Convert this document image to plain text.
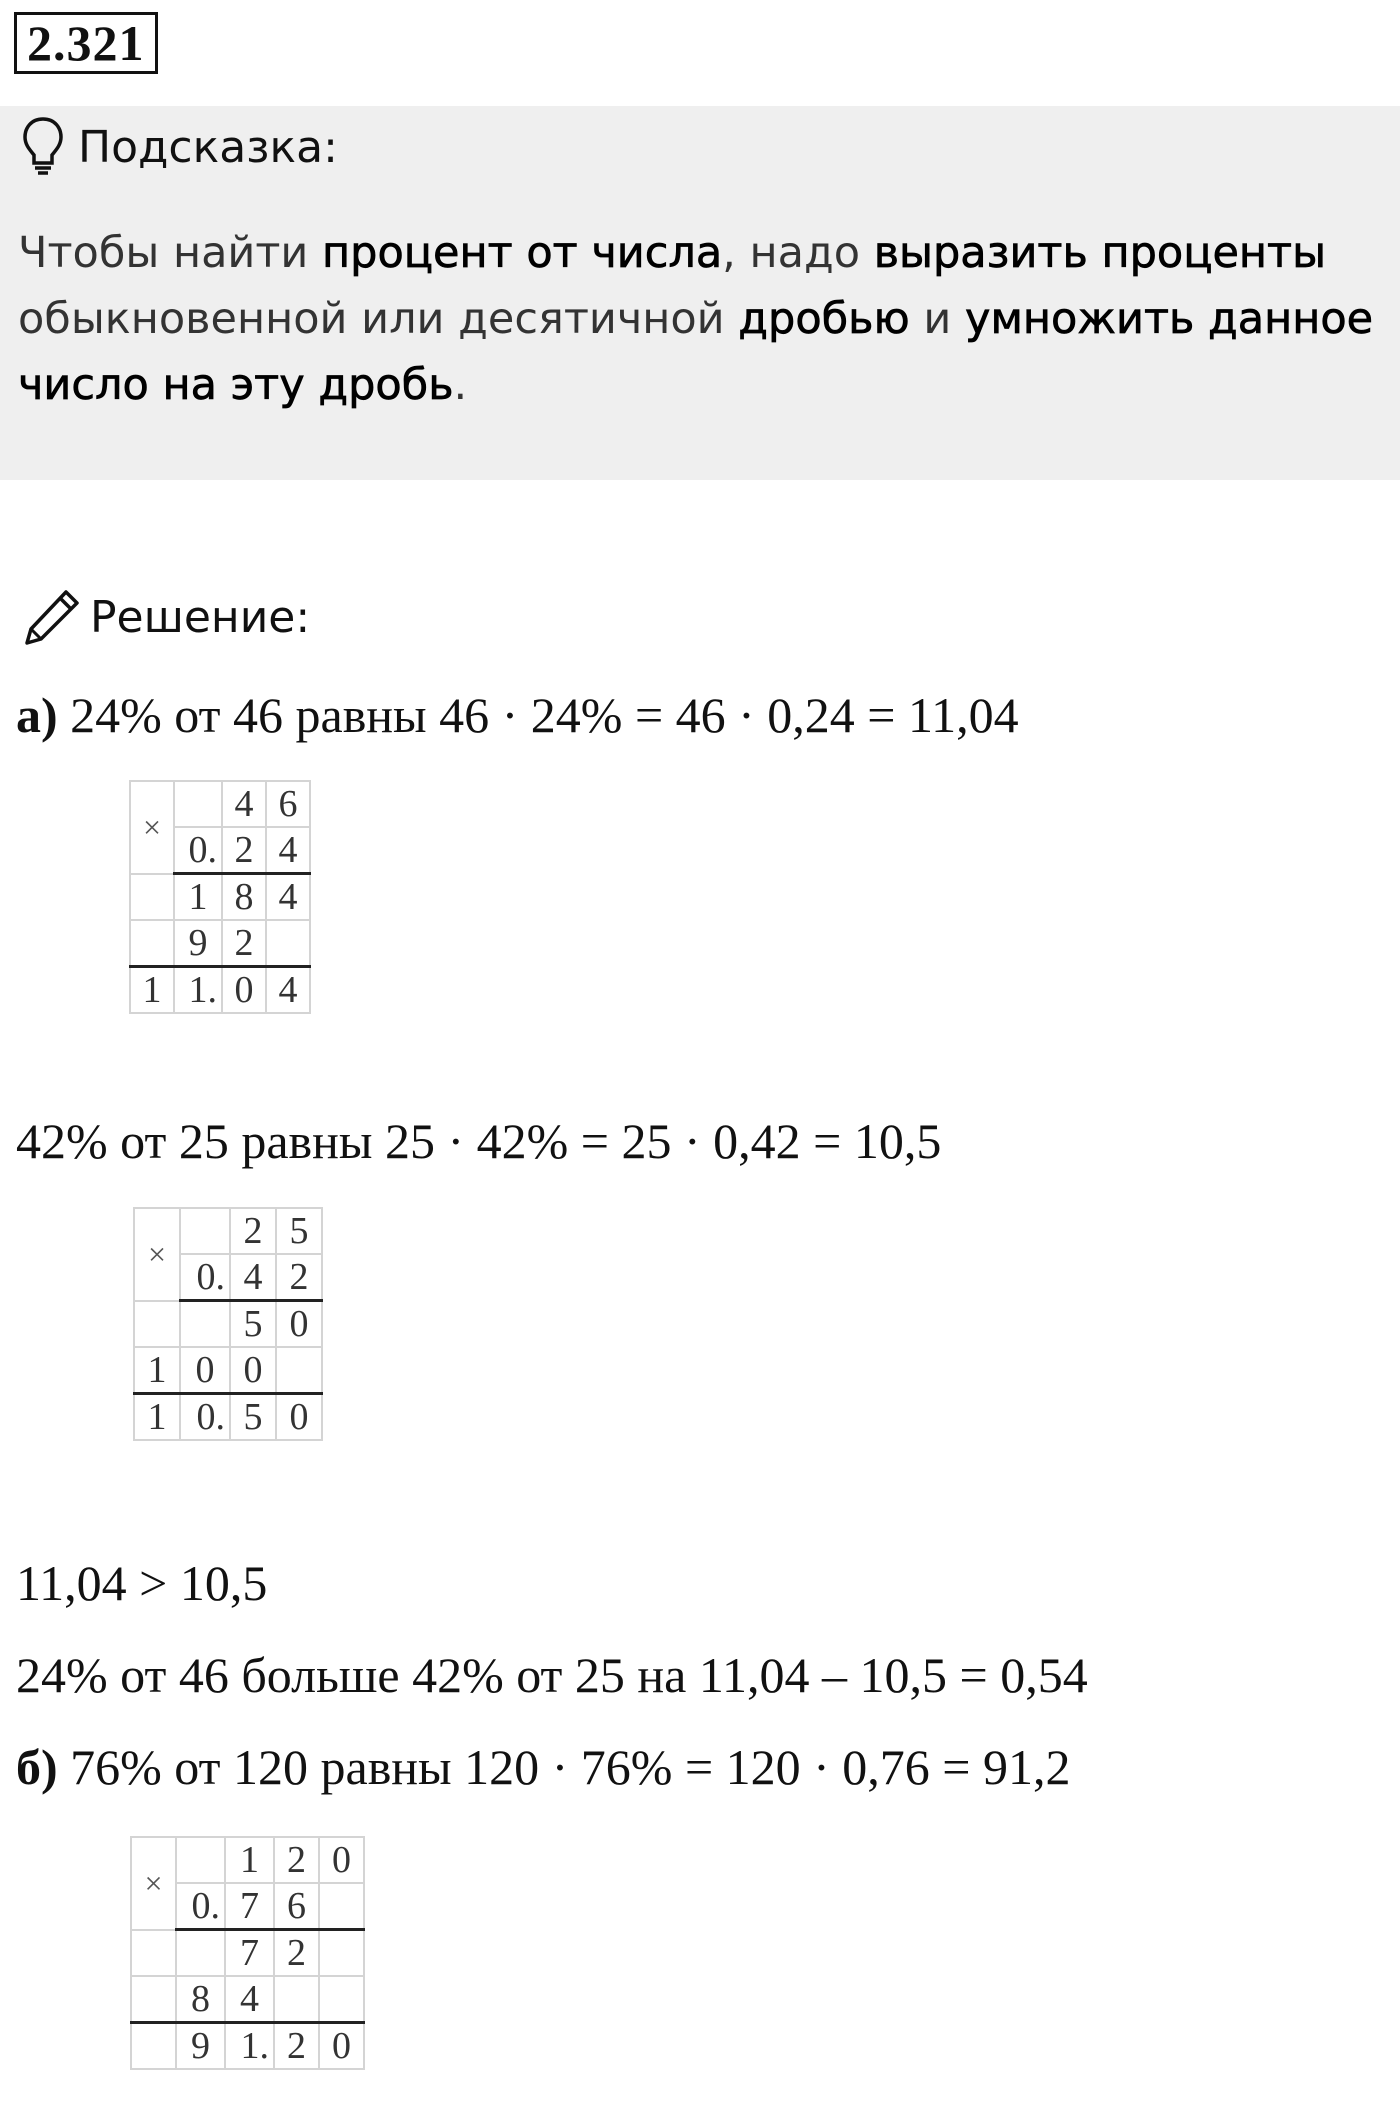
2.321
Подсказка:
Чтобы найти процент от числа, надо выразить проценты обыкновенной или десятичной дробью и умножить данное число на эту дробь.
Решение:
а) 24% от 46 равны 46 · 24% = 46 · 0,24 = 11,04
×		4	6
	0.	2	4
	1	8	4
	9	2	
1	1.	0	4
42% от 25 равны 25 · 42% = 25 · 0,42 = 10,5
×		2	5
	0.	4	2
		5	0
1	0	0	
1	0.	5	0
11,04 > 10,5
24% от 46 больше 42% от 25 на 11,04 – 10,5 = 0,54
б) 76% от 120 равны 120 · 76% = 120 · 0,76 = 91,2
×		1	2	0
	0.	7	6	
		7	2	
	8	4		
	9	1.	2	0
